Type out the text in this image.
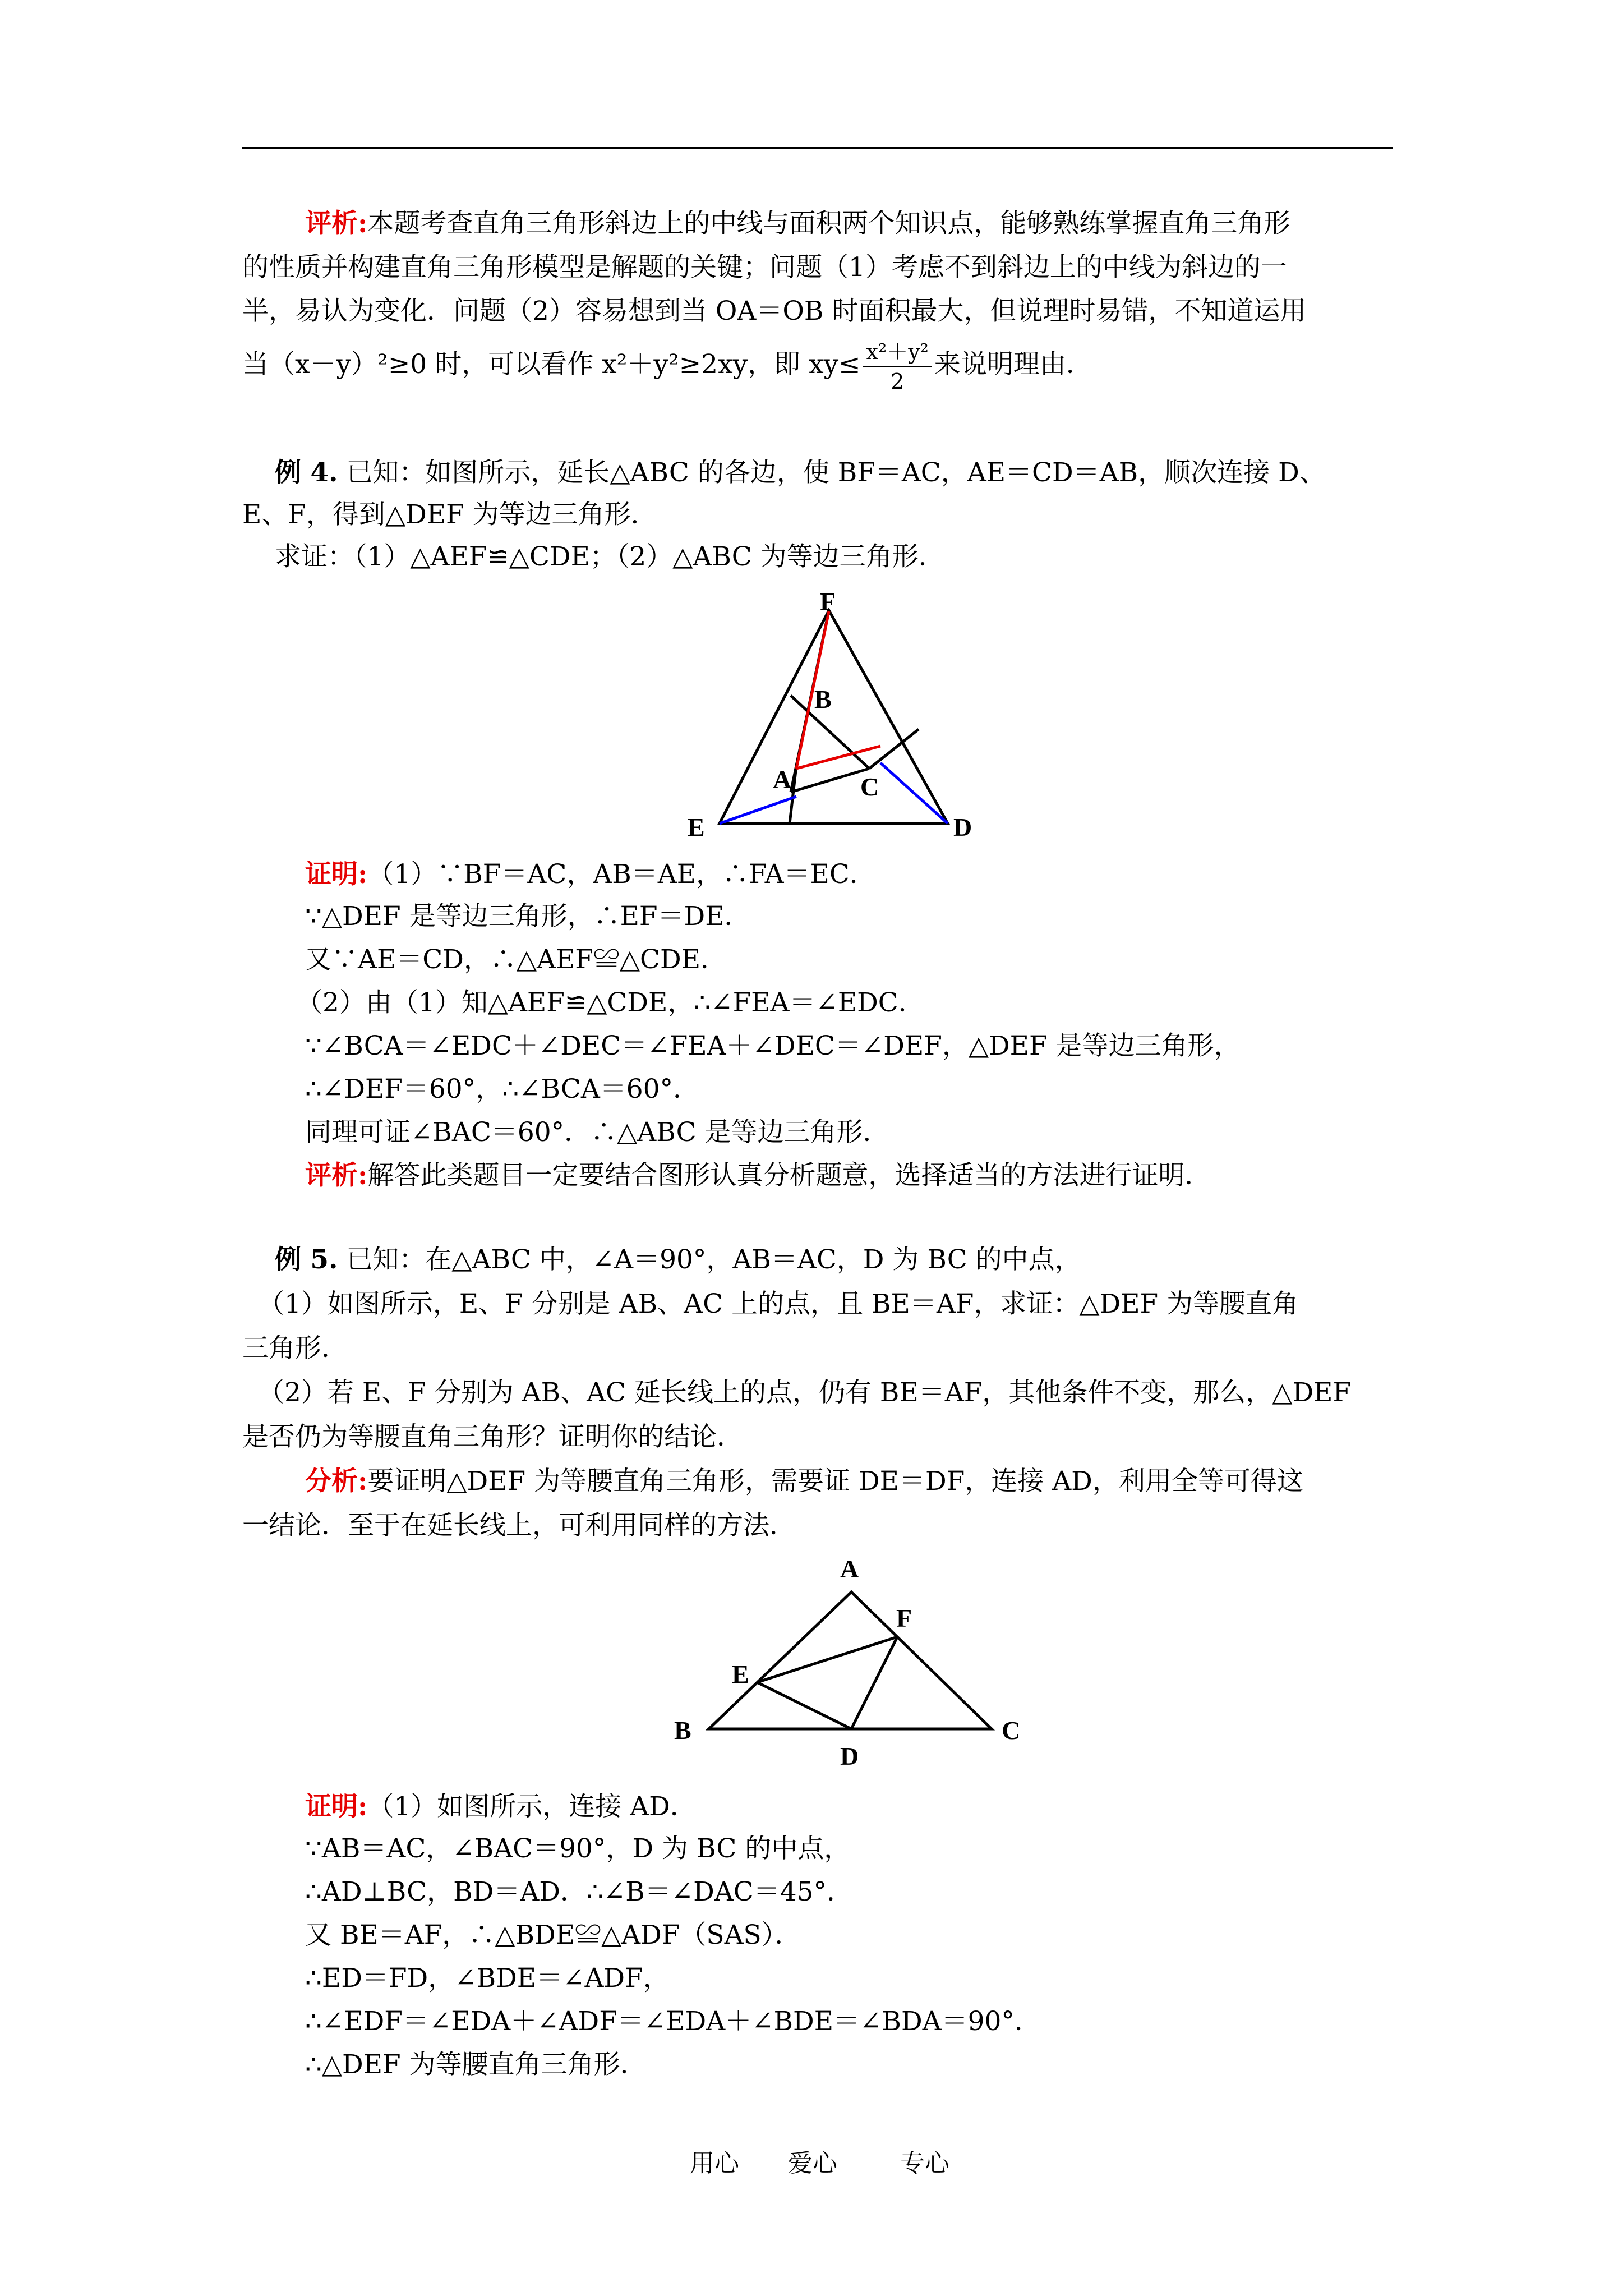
评析:本题考查直角三角形斜边上的中线与面积两个知识点，能够熟练掌握直角三角形
的性质并构建直角三角形模型是解题的关键；问题（1）考虑不到斜边上的中线为斜边的一
半，易认为变化．问题（2）容易想到当 OA＝OB 时面积最大，但说理时易错，不知道运用
当（x－y）²≥0 时，可以看作 x²＋y²≥2xy，即 $xy\le \frac{\text{x²＋y²}}{2}$ 来说明理由．
例 4. 已知：如图所示，延长△ABC 的各边，使 BF＝AC，AE＝CD＝AB，顺次连接 D、
E、F，得到△DEF 为等边三角形．
求证：（1）△AEF≌△CDE；（2）△ABC 为等边三角形．
F
B
A	C
E	D
证明:（1）∵BF＝AC，AB＝AE，∴FA＝EC．
∵△DEF 是等边三角形，∴EF＝DE．
又∵AE＝CD，∴△AEF≌△CDE．
（2）由（1）知△AEF≌△CDE，∴∠FEA＝∠EDC．
∵∠BCA＝∠EDC＋∠DEC＝∠FEA＋∠DEC＝∠DEF，△DEF 是等边三角形，
∴∠DEF＝60°，∴∠BCA＝60°．
同理可证∠BAC＝60°．∴△ABC 是等边三角形．
评析:解答此类题目一定要结合图形认真分析题意，选择适当的方法进行证明．
例 5. 已知：在△ABC 中，∠A＝90°，AB＝AC，D 为 BC 的中点，
（1）如图所示，E、F 分别是 AB、AC 上的点，且 BE＝AF，求证：△DEF 为等腰直角
三角形．
（2）若 E、F 分别为 AB、AC 延长线上的点，仍有 BE＝AF，其他条件不变，那么，△DEF
是否仍为等腰直角三角形？证明你的结论．
分析:要证明△DEF 为等腰直角三角形，需要证 DE＝DF，连接 AD，利用全等可得这
一结论．至于在延长线上，可利用同样的方法．
A
F
E
B	C
D
证明:（1）如图所示，连接 AD．
∵AB＝AC，∠BAC＝90°，D 为 BC 的中点，
∴AD⊥BC，BD＝AD．∴∠B＝∠DAC＝45°．
又 BE＝AF，∴△BDE≌△ADF（SAS）．
∴ED＝FD，∠BDE＝∠ADF，
∴∠EDF＝∠EDA＋∠ADF＝∠EDA＋∠BDE＝∠BDA＝90°．
∴△DEF 为等腰直角三角形．
用心 爱心	专心
